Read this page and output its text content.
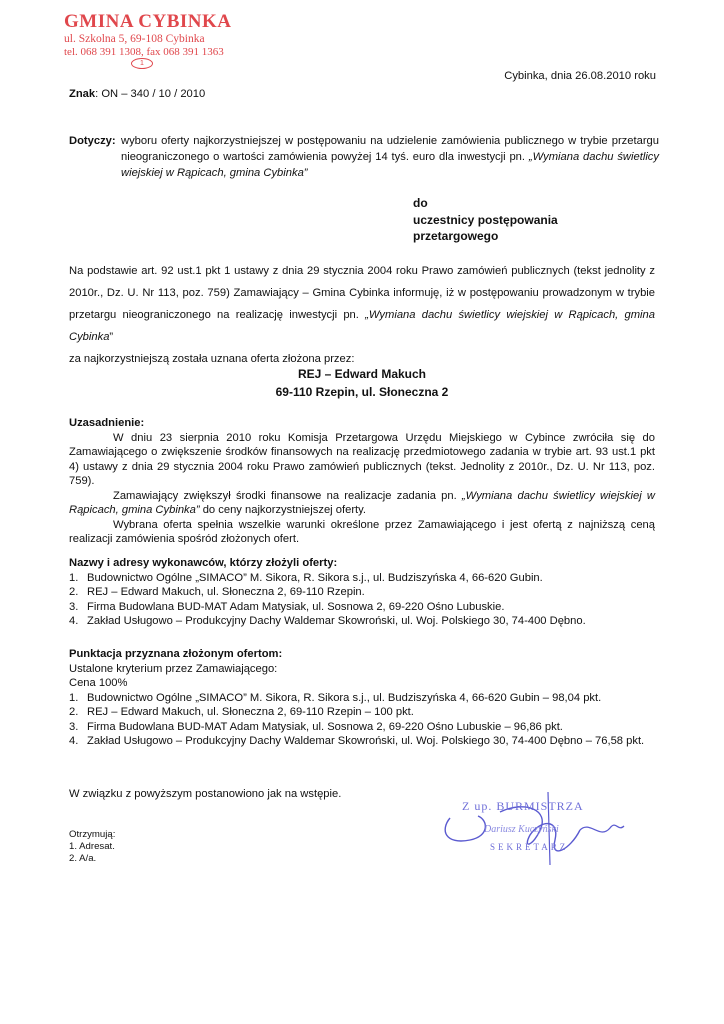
GMINA CYBINKA
ul. Szkolna 5, 69-108 Cybinka
tel. 068 391 1308, fax 068 391 1363
1
Cybinka, dnia 26.08.2010 roku
Znak: ON – 340 / 10 / 2010
Dotyczy: wyboru oferty najkorzystniejszej w postępowaniu na udzielenie zamówienia publicznego w trybie przetargu nieograniczonego o wartości zamówienia powyżej 14 tyś. euro dla inwestycji pn. „Wymiana dachu świetlicy wiejskiej w Rąpicach, gmina Cybinka”
do
uczestnicy postępowania
przetargowego
Na podstawie art. 92 ust.1 pkt 1 ustawy z dnia 29 stycznia 2004 roku Prawo zamówień publicznych (tekst jednolity z 2010r., Dz. U. Nr 113, poz. 759) Zamawiający – Gmina Cybinka informuję, iż w postępowaniu prowadzonym w trybie przetargu nieograniczonego na realizację inwestycji pn. „Wymiana dachu świetlicy wiejskiej w Rąpicach, gmina Cybinka”
za najkorzystniejszą została uznana oferta złożona przez:
REJ – Edward Makuch
69-110 Rzepin, ul. Słoneczna 2

Uzasadnienie:

W dniu 23 sierpnia 2010 roku Komisja Przetargowa Urzędu Miejskiego w Cybince zwróciła się do Zamawiającego o zwiększenie środków finansowych na realizację przedmiotowego zadania w trybie art. 93 ust.1 pkt 4) ustawy z dnia 29 stycznia 2004 roku Prawo zamówień publicznych (tekst. Jednolity z 2010r., Dz. U. Nr 113, poz. 759).

Zamawiający zwiększył środki finansowe na realizacje zadania pn. „Wymiana dachu świetlicy wiejskiej w Rąpicach, gmina Cybinka” do ceny najkorzystniejszej oferty.

Wybrana oferta spełnia wszelkie warunki określone przez Zamawiającego i jest ofertą z najniższą ceną realizacji zamówienia spośród złożonych ofert.

Nazwy i adresy wykonawców, którzy złożyli oferty:
1. Budownictwo Ogólne „SIMACO” M. Sikora, R. Sikora s.j., ul. Budziszyńska 4, 66-620 Gubin.
2. REJ – Edward Makuch, ul. Słoneczna 2, 69-110 Rzepin.
3. Firma Budowlana BUD-MAT Adam Matysiak, ul. Sosnowa 2, 69-220 Ośno Lubuskie.
4. Zakład Usługowo – Produkcyjny Dachy Waldemar Skowroński, ul. Woj. Polskiego 30, 74-400 Dębno.
Punktacja przyznana złożonym ofertom:
Ustalone kryterium przez Zamawiającego:
Cena 100%
1. Budownictwo Ogólne „SIMACO” M. Sikora, R. Sikora s.j., ul. Budziszyńska 4, 66-620 Gubin – 98,04 pkt.
2. REJ – Edward Makuch, ul. Słoneczna 2, 69-110 Rzepin – 100 pkt.
3. Firma Budowlana BUD-MAT Adam Matysiak, ul. Sosnowa 2, 69-220 Ośno Lubuskie – 96,86 pkt.
4. Zakład Usługowo – Produkcyjny Dachy Waldemar Skowroński, ul. Woj. Polskiego 30, 74-400 Dębno – 76,58 pkt.
W związku z powyższym postanowiono jak na wstępie.
Otrzymują:
1. Adresat.
2. A/a.
Z up. BURMISTRZA
Dariusz Kuczyński
SEKRETARZ
